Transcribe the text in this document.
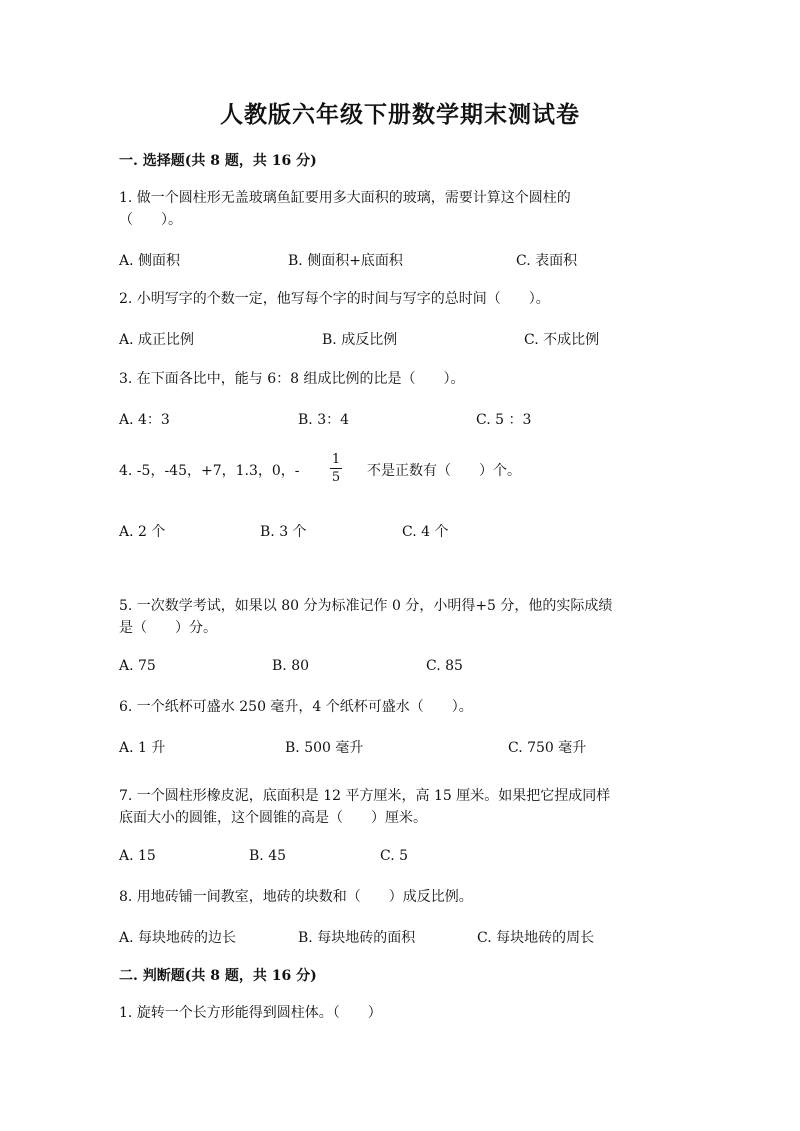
人教版六年级下册数学期末测试卷
一. 选择题(共 8 题，共 16 分)
1. 做一个圆柱形无盖玻璃鱼缸要用多大面积的玻璃，需要计算这个圆柱的
（　　）。
A. 侧面积	B. 侧面积+底面积	C. 表面积
2. 小明写字的个数一定，他写每个字的时间与写字的总时间（　　）。
A. 成正比例	B. 成反比例	C. 不成比例
3. 在下面各比中，能与 6：8 组成比例的比是（　　）。
A. 4：3	B. 3：4	C. 5 ：3
4. -5，-45，+7，1.3，0，-
1
5 不是正数有（　　）个。
A. 2 个	B. 3 个	C. 4 个
5. 一次数学考试，如果以 80 分为标准记作 0 分，小明得+5 分，他的实际成绩
是（　　）分。
A. 75	B. 80	C. 85
6. 一个纸杯可盛水 250 毫升，4 个纸杯可盛水（　　）。
A. 1 升	B. 500 毫升	C. 750 毫升
7. 一个圆柱形橡皮泥，底面积是 12 平方厘米，高 15 厘米。如果把它捏成同样
底面大小的圆锥，这个圆锥的高是（　　）厘米。
A. 15	B. 45	C. 5
8. 用地砖铺一间教室，地砖的块数和（　　）成反比例。
A. 每块地砖的边长	B. 每块地砖的面积	C. 每块地砖的周长
二. 判断题(共 8 题，共 16 分)
1. 旋转一个长方形能得到圆柱体。（　　）
